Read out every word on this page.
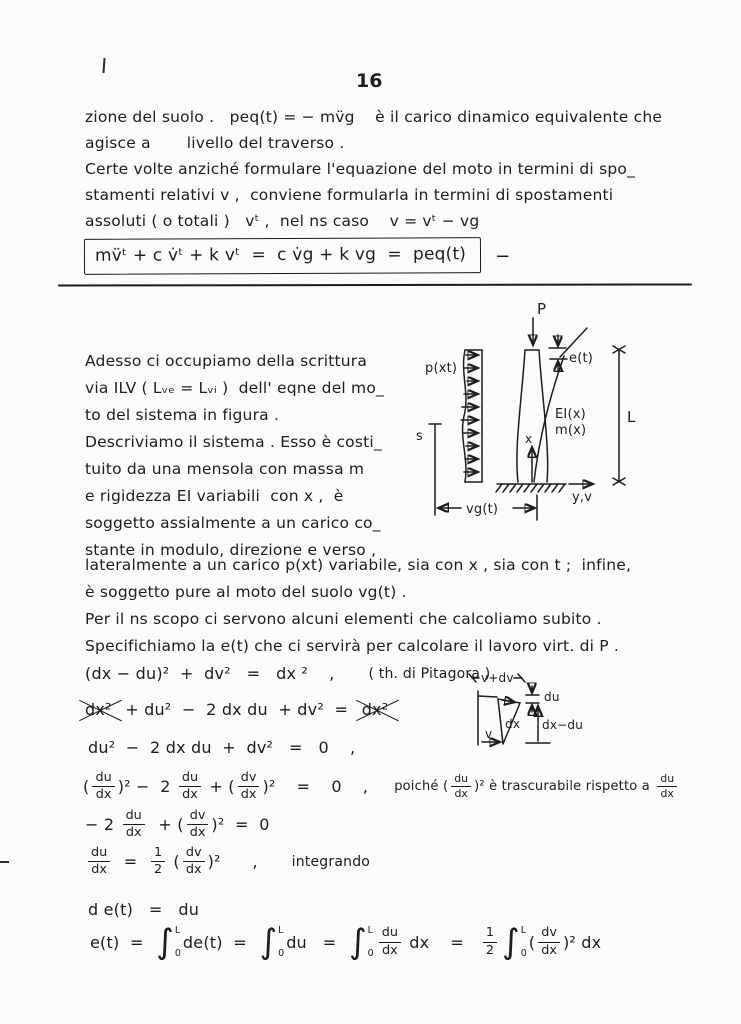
16
zione del suolo .   peq(t) = − mv̈g    è il carico dinamico equivalente che
agisce a       livello del traverso .
Certe volte anziché formulare l'equazione del moto in termini di spo_
stamenti relativi v ,  conviene formularla in termini di spostamenti
assoluti ( o totali )   vᵗ ,  nel ns caso    v = vᵗ − vg
mv̈ᵗ + c v̇ᵗ + k vᵗ  =  c v̇g + k vg  =  peq(t)	−
Adesso ci occupiamo della scrittura
via ILV ( Lᵥₑ = Lᵥᵢ )  dell' eqne del mo_
to del sistema in figura .
Descriviamo il sistema . Esso è costi_
tuito da una mensola con massa m
e rigidezza EI variabili  con x ,  è
soggetto assialmente a un carico co_
stante in modulo, direzione e verso ,
P
x
e(t)
EI(x)
m(x)
p(xt)
s
L
y,v
vg(t)
lateralmente a un carico p(xt) variabile, sia con x , sia con t ;  infine,
è soggetto pure al moto del suolo vg(t) .
Per il ns scopo ci servono alcuni elementi che calcoliamo subito .
Specifichiamo la e(t) che ci servirà per calcolare il lavoro virt. di P .
(dx − du)²  +  dv²   =   dx ²    , ( th. di Pitagora )
v+dv
dx
du
dx−du
v
dx² + du²  −  2 dx du  + dv²  = dx²
du²  −  2 dx du  +  dv²   =   0    ,
( $\frac{du}{dx} )^2 - 2 \frac{du}{dx}$ + ( $\frac{dv}{dx} )^2$    =    0    , poiché ( $\frac{du}{dx} )^2$ è trascurabile rispetto a $\frac{du}{dx}$
− $2 \frac{du}{dx}$ + ( $\frac{dv}{dx} )^2 = 0$
$\frac{du}{dx} = \frac{1}{2}$ ( $\frac{dv}{dx} )^2$      , integrando
d e(t)   =   du
e(t)  = ∫ L
0
de(t)  = ∫ L
0
du   = ∫ L
$0 \frac{du}{dx}$ dx    = $\frac{1}{2}$ ∫ L
0
( $\frac{dv}{dx} )^2$ dx
